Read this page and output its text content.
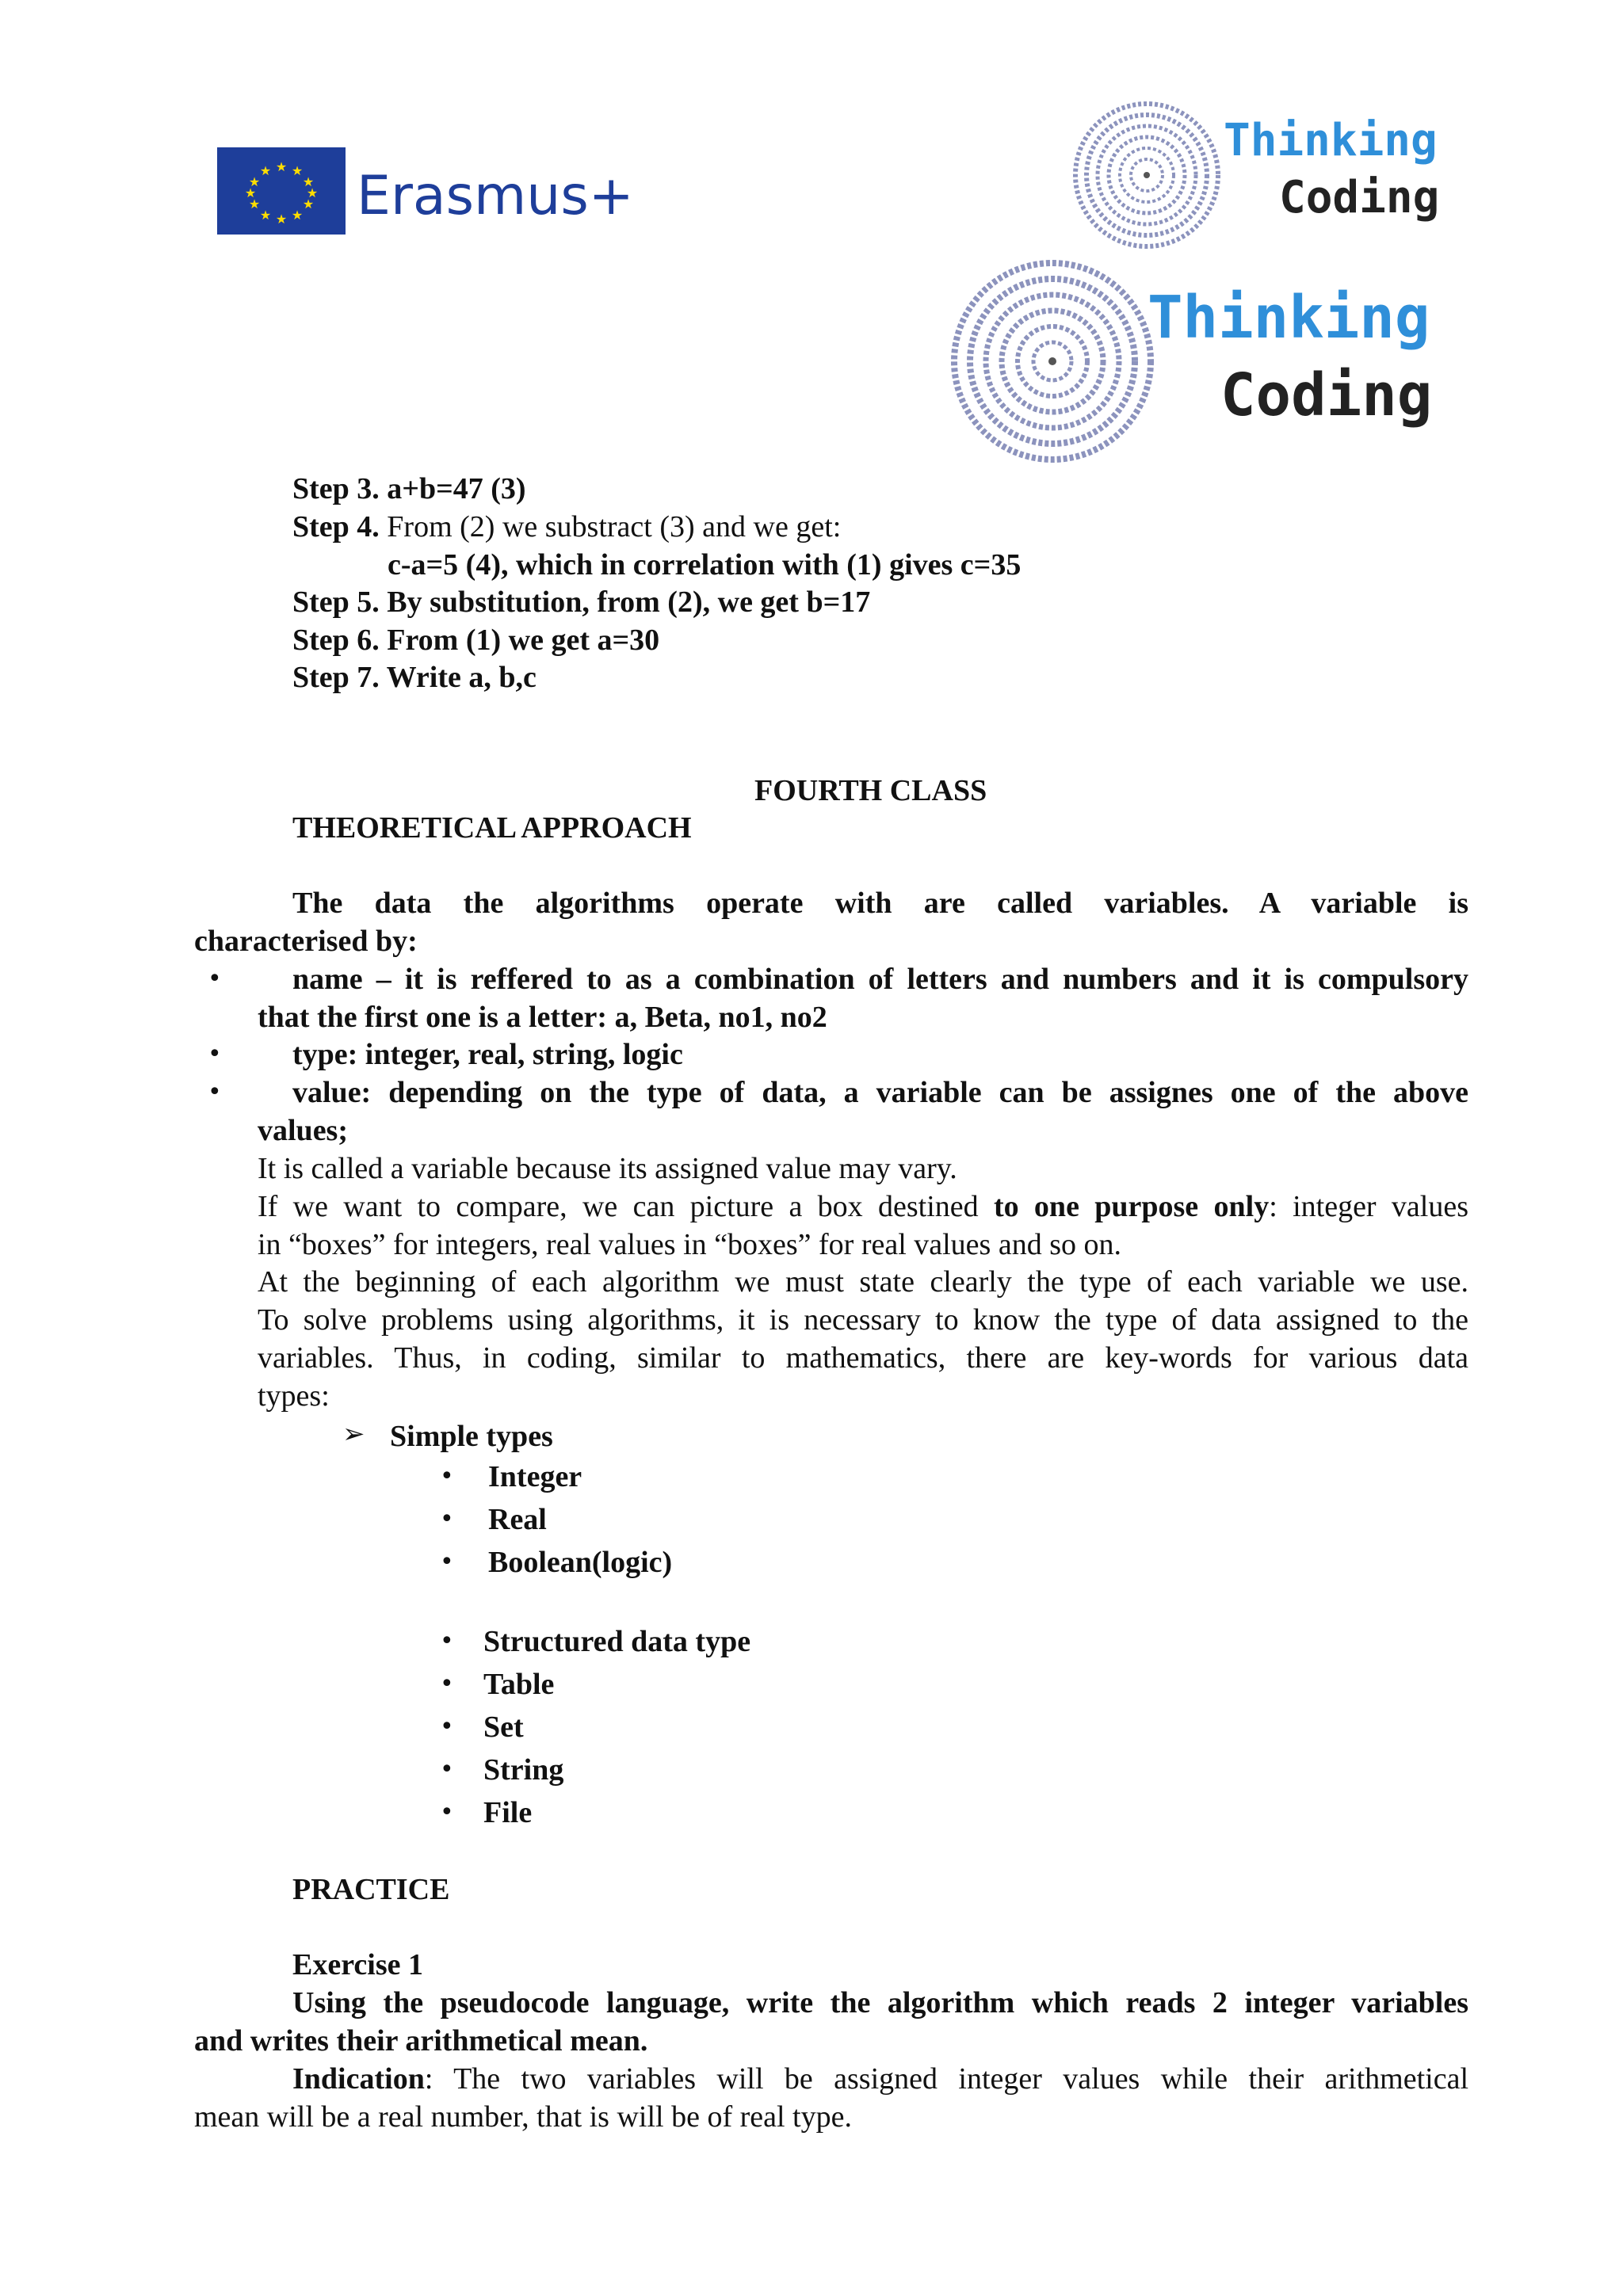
★ ★
★
★
★
★
★
★
★
★
★
★ Erasmus+
Thinking
Coding
Thinking
Coding
Step 3. a+b=47 (3)
Step 4. From (2) we substract (3) and we get:
c-a=5 (4), which in correlation with (1) gives c=35
Step 5. By substitution, from (2), we get b=17
Step 6. From (1) we get a=30
Step 7. Write a, b,c
FOURTH CLASS
THEORETICAL APPROACH
The data the algorithms operate with are called variables. A variable is
characterised by:
• name – it is reffered to as a combination of letters and numbers and it is compulsory
that the first one is a letter: a, Beta, no1, no2
• type: integer, real, string, logic
• value: depending on the type of data, a variable can be assignes one of the above
values;
It is called a variable because its assigned value may vary.
If we want to compare, we can picture a box destined to one purpose only: integer values
in “boxes” for integers, real values in “boxes” for real values and so on.
At the beginning of each algorithm we must state clearly the type of each variable we use.
To solve problems using algorithms, it is necessary to know the type of data assigned to the
variables. Thus, in coding, similar to mathematics, there are key-words for various data
types:
➢ Simple types
• Integer
• Real
• Boolean(logic)
• Structured data type
• Table
• Set
• String
• File
PRACTICE
Exercise 1
Using the pseudocode language, write the algorithm which reads 2 integer variables
and writes their arithmetical mean.
Indication: The two variables will be assigned integer values while their arithmetical
mean will be a real number, that is will be of real type.
